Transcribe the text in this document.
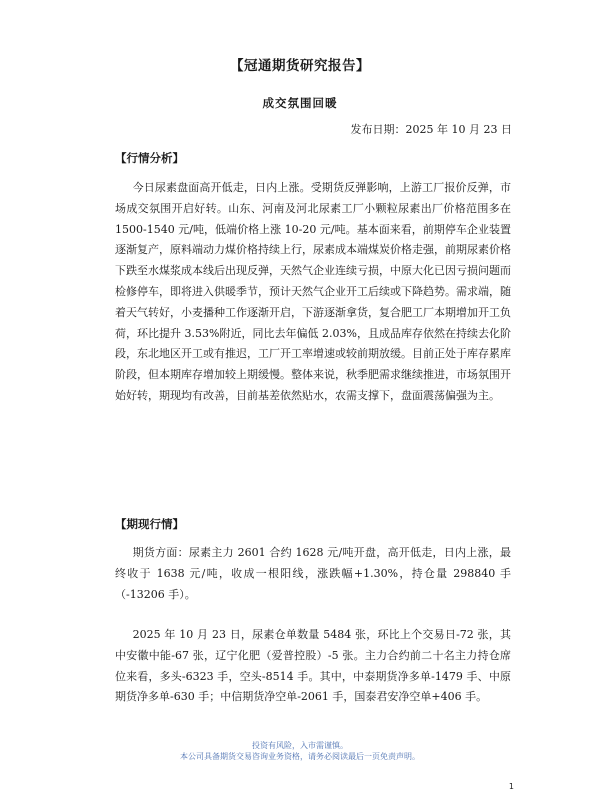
【冠通期货研究报告】
成交氛围回暖
发布日期：2025 年 10 月 23 日
【行情分析】

今日尿素盘面高开低走，日内上涨。受期货反弹影响，上游工厂报价反弹，市场成交氛围开启好转。山东、河南及河北尿素工厂小颗粒尿素出厂价格范围多在 1500-1540 元/吨，低端价格上涨 10-20 元/吨。基本面来看，前期停车企业装置逐渐复产，原料端动力煤价格持续上行，尿素成本端煤炭价格走强，前期尿素价格下跌至水煤浆成本线后出现反弹，天然气企业连续亏损，中原大化已因亏损问题而检修停车，即将进入供暖季节，预计天然气企业开工后续或下降趋势。需求端，随着天气转好，小麦播种工作逐渐开启，下游逐渐拿货，复合肥工厂本期增加开工负荷，环比提升 3.53%附近，同比去年偏低 2.03%，且成品库存依然在持续去化阶段，东北地区开工或有推迟，工厂开工率增速或较前期放缓。目前正处于库存累库阶段，但本期库存增加较上期缓慢。整体来说，秋季肥需求继续推进，市场氛围开始好转，期现均有改善，目前基差依然贴水，农需支撑下，盘面震荡偏强为主。

【期现行情】

期货方面：尿素主力 2601 合约 1628 元/吨开盘，高开低走，日内上涨，最终收于 1638 元/吨，收成一根阳线，涨跌幅+1.30%，持仓量 298840 手（-13206 手）。

2025 年 10 月 23 日，尿素仓单数量 5484 张，环比上个交易日-72 张，其中安徽中能-67 张，辽宁化肥（爱普控股）-5 张。主力合约前二十名主力持仓席位来看，多头-6323 手，空头-8514 手。其中，中泰期货净多单-1479 手、中原期货净多单-630 手；中信期货净空单-2061 手，国泰君安净空单+406 手。

投资有风险，入市需谨慎。
本公司具备期货交易咨询业务资格，请务必阅读最后一页免责声明。
1
